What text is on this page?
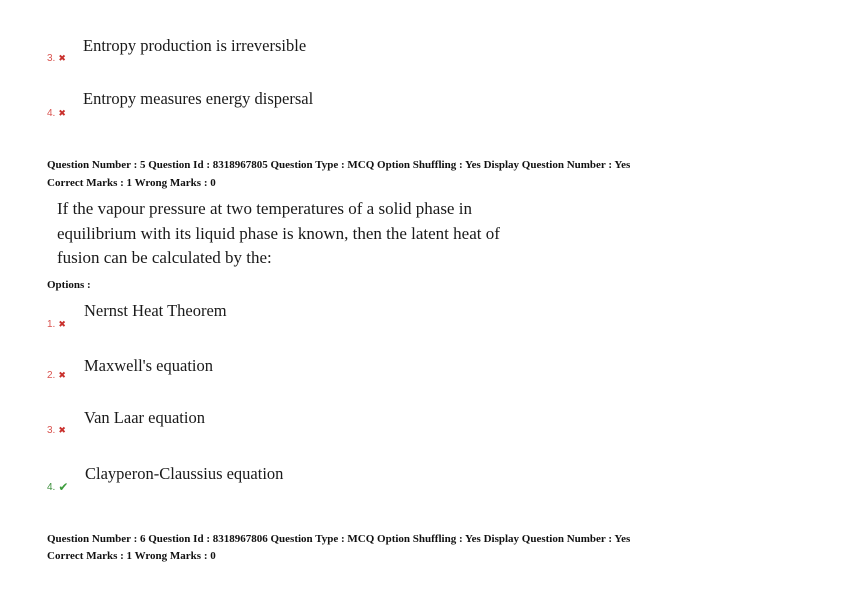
Entropy production is irreversible
3. ✖
Entropy measures energy dispersal
4. ✖
Question Number : 5 Question Id : 8318967805 Question Type : MCQ Option Shuffling : Yes Display Question Number : Yes
Correct Marks : 1 Wrong Marks : 0
If the vapour pressure at two temperatures of a solid phase in
equilibrium with its liquid phase is known, then the latent heat of
fusion can be calculated by the:
Options :
Nernst Heat Theorem
1. ✖
Maxwell's equation
2. ✖
Van Laar equation
3. ✖
Clayperon-Claussius equation
4. ✔
Question Number : 6 Question Id : 8318967806 Question Type : MCQ Option Shuffling : Yes Display Question Number : Yes
Correct Marks : 1 Wrong Marks : 0
